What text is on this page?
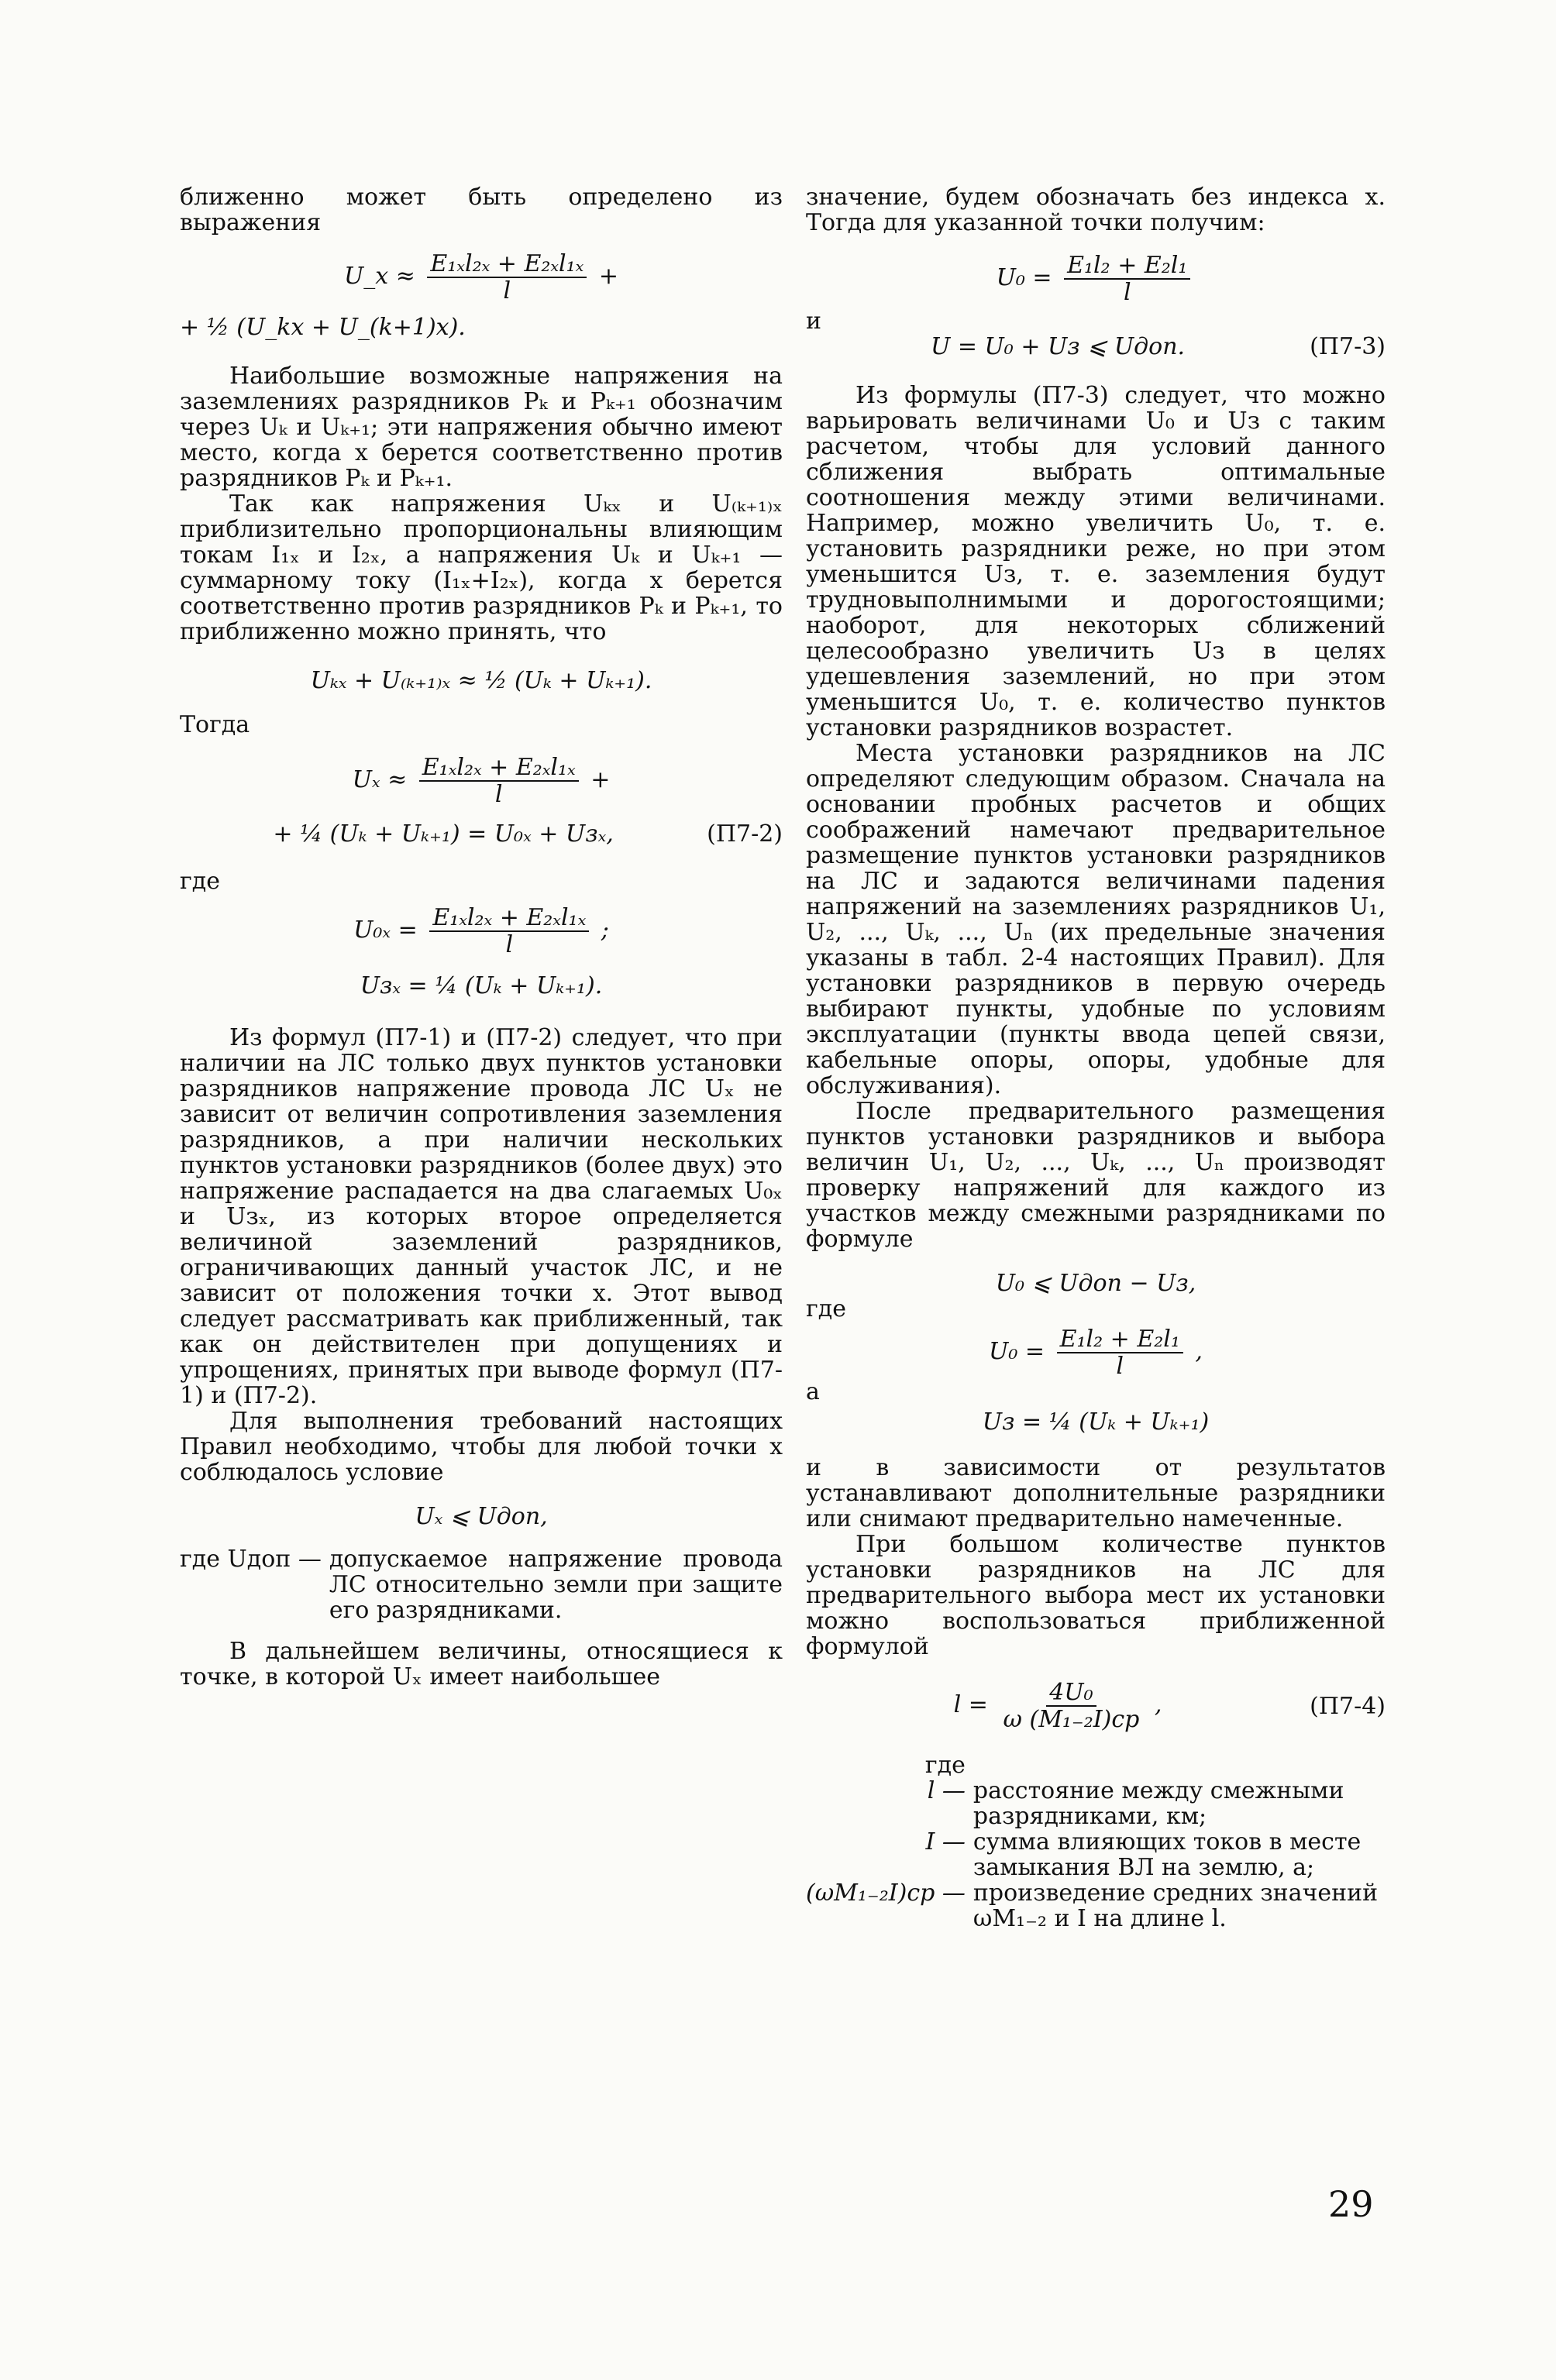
ближенно может быть определено из выражения

U_x ≈ $\frac{\text{E₁ₓl₂ₓ + E₂ₓl₁ₓ}}{l}$ +
+ ½ (U_kx + U_(k+1)x).

Наибольшие возможные напряжения на заземлениях разрядников Pₖ и Pₖ₊₁ обозначим через Uₖ и Uₖ₊₁; эти напряжения обычно имеют место, когда x берется соответственно против разрядников Pₖ и Pₖ₊₁.

Так как напряжения Uₖₓ и U₍ₖ₊₁₎ₓ приблизительно пропорциональны влияющим токам I₁ₓ и I₂ₓ, а напряжения Uₖ и Uₖ₊₁ — суммарному току (I₁ₓ+I₂ₓ), когда x берется соответственно против разрядников Pₖ и Pₖ₊₁, то приближенно можно принять, что

Uₖₓ + U₍ₖ₊₁₎ₓ ≈ ½ (Uₖ + Uₖ₊₁).

Тогда

$U_x \approx \frac{\text{E₁ₓl₂ₓ + E₂ₓl₁ₓ}}{l}$ +
+ ¼ (Uₖ + Uₖ₊₁) = U₀ₓ + Uзₓ,	(П7-2)

где

$U_{0x} = \frac{\text{E₁ₓl₂ₓ + E₂ₓl₁ₓ}}{l}$ ;
Uзₓ = ¼ (Uₖ + Uₖ₊₁).

Из формул (П7-1) и (П7-2) следует, что при наличии на ЛС только двух пунктов установки разрядников напряжение провода ЛС Uₓ не зависит от величин сопротивления заземления разрядников, а при наличии нескольких пунктов установки разрядников (более двух) это напряжение распадается на два слагаемых U₀ₓ и Uзₓ, из которых второе определяется величиной заземлений разрядников, ограничивающих данный участок ЛС, и не зависит от положения точки x. Этот вывод следует рассматривать как приближенный, так как он действителен при допущениях и упрощениях, принятых при выводе формул (П7-1) и (П7-2).

Для выполнения требований настоящих Правил необходимо, чтобы для любой точки x соблюдалось условие

Uₓ ⩽ Uдоп,
где Uдоп — допускаемое напряжение провода ЛС относительно земли при защите его разрядниками.

В дальнейшем величины, относящиеся к точке, в которой Uₓ имеет наибольшее

значение, будем обозначать без индекса x. Тогда для указанной точки получим:

$U_0 = \frac{\text{E₁l₂ + E₂l₁}}{l}$

и

U = U₀ + Uз ⩽ Uдоп.	(П7-3)

Из формулы (П7-3) следует, что можно варьировать величинами U₀ и Uз с таким расчетом, чтобы для условий данного сближения выбрать оптимальные соотношения между этими величинами. Например, можно увеличить U₀, т. е. установить разрядники реже, но при этом уменьшится Uз, т. е. заземления будут трудновыполнимыми и дорогостоящими; наоборот, для некоторых сближений целесообразно увеличить Uз в целях удешевления заземлений, но при этом уменьшится U₀, т. е. количество пунктов установки разрядников возрастет.

Места установки разрядников на ЛС определяют следующим образом. Сначала на основании пробных расчетов и общих соображений намечают предварительное размещение пунктов установки разрядников на ЛС и задаются величинами падения напряжений на заземлениях разрядников U₁, U₂, ..., Uₖ, ..., Uₙ (их предельные значения указаны в табл. 2-4 настоящих Правил). Для установки разрядников в первую очередь выбирают пункты, удобные по условиям эксплуатации (пункты ввода цепей связи, кабельные опоры, опоры, удобные для обслуживания).

После предварительного размещения пунктов установки разрядников и выбора величин U₁, U₂, ..., Uₖ, ..., Uₙ производят проверку напряжений для каждого из участков между смежными разрядниками по формуле

U₀ ⩽ Uдоп − Uз,

где

$U_0 = \frac{\text{E₁l₂ + E₂l₁}}{l}$ ,

а

Uз = ¼ (Uₖ + Uₖ₊₁)

и в зависимости от результатов устанавливают дополнительные разрядники или снимают предварительно намеченные.

При большом количестве пунктов установки разрядников на ЛС для предварительного выбора мест их установки можно воспользоваться приближенной формулой

$l = \frac{\text{4U₀}}{\text{ω (M₁₋₂I)ср}}$ ,	(П7-4)
где
l — расстояние между смежными разрядниками, км;
I — сумма влияющих токов в месте замыкания ВЛ на землю, а;
(ωM₁₋₂I)ср — произведение средних значений ωM₁₋₂ и I на длине l.
29
